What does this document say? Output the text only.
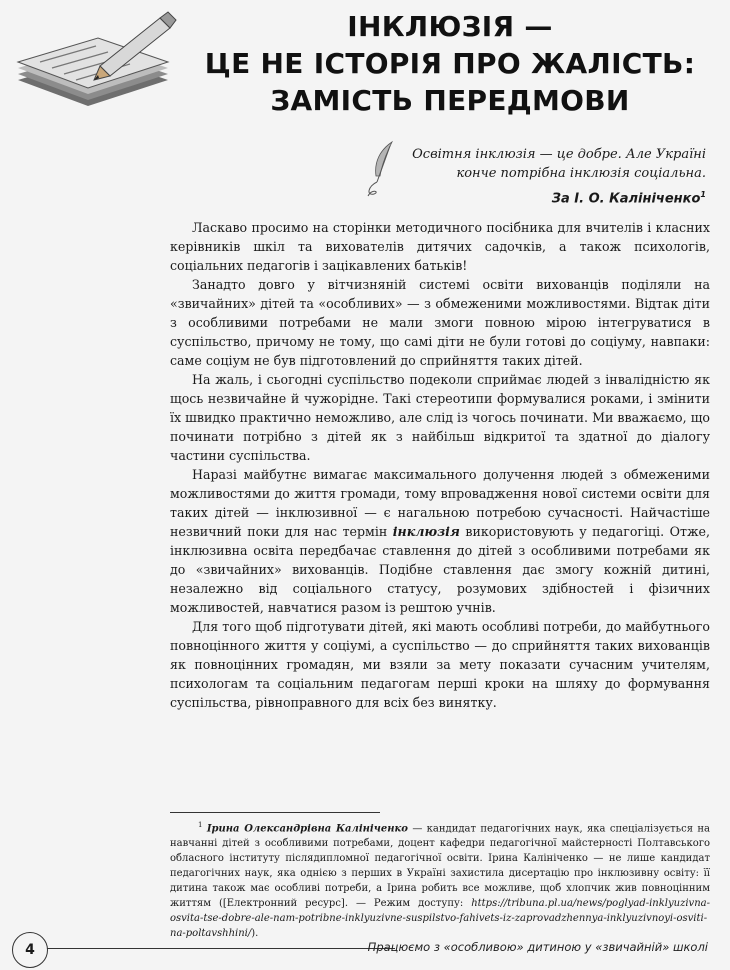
ІНКЛЮЗІЯ —
ЦЕ НЕ ІСТОРІЯ ПРО ЖАЛІСТЬ:
ЗАМІСТЬ ПЕРЕДМОВИ
Освітня інклюзія — це добре. Але Україні
конче потрібна інклюзія соціальна.
За І. О. Калініченко$^1$

Ласкаво просимо на сторінки методичного посібника для вчителів і класних керівників шкіл та вихователів дитячих садочків, а також психологів, соціальних педагогів і зацікавлених батьків!

Занадто довго у вітчизняній системі освіти вихованців поділяли на «звичайних» дітей та «особливих» — з обмеженими можливостями. Відтак діти з особливими потребами не мали змоги повною мірою інтегруватися в суспільство, причому не тому, що самі діти не були готові до соціуму, навпаки: саме соціум не був підготовлений до сприйняття таких дітей.

На жаль, і сьогодні суспільство подеколи сприймає людей з інвалідністю як щось незвичайне й чужорідне. Такі стереотипи формувалися роками, і змінити їх швидко практично неможливо, але слід із чогось починати. Ми вважаємо, що починати потрібно з дітей як з найбільш відкритої та здатної до діалогу частини суспільства.

Наразі майбутнє вимагає максимального долучення людей з обмеженими можливостями до життя громади, тому впровадження нової системи освіти для таких дітей — інклюзивної — є нагальною потребою сучасності. Найчастіше незвичний поки для нас термін інклюзія використовують у педагогіці. Отже, інклюзивна освіта передбачає ставлення до дітей з особливими потребами як до «звичайних» вихованців. Подібне ставлення дає змогу кожній дитині, незалежно від соціального статусу, розумових здібностей і фізичних можливостей, навчатися разом із рештою учнів.

Для того щоб підготувати дітей, які мають особливі потреби, до майбутнього повноцінного життя у соціумі, а суспільство — до сприйняття таких вихованців як повноцінних громадян, ми взяли за мету показати сучасним учителям, психологам та соціальним педагогам перші кроки на шляху до формування суспільства, рівноправного для всіх без винятку.

$^1$ Ірина Олександрівна Калініченко — кандидат педагогічних наук, яка спеціалізується на навчанні дітей з особливими потребами, доцент кафедри педагогічної майстерності Полтавського обласного інституту післядипломної педагогічної освіти. Ірина Калініченко — не лише кандидат педагогічних наук, яка однією з перших в Україні захистила дисертацію про інклюзивну освіту: її дитина також має особливі потреби, а Ірина робить все можливе, щоб хлопчик жив повноцінним життям ([Електронний ресурс]. — Режим доступу: https://tribuna.pl.ua/news/poglyad-inklyuzivna-osvita-tse-dobre-ale-nam-potribne-inklyuzivne-suspilstvo-fahivets-iz-zaprovadzhennya-inklyuzivnoyi-osviti-na-poltavshhini/).

4	Працюємо з «особливою» дитиною у «звичайній» школі
